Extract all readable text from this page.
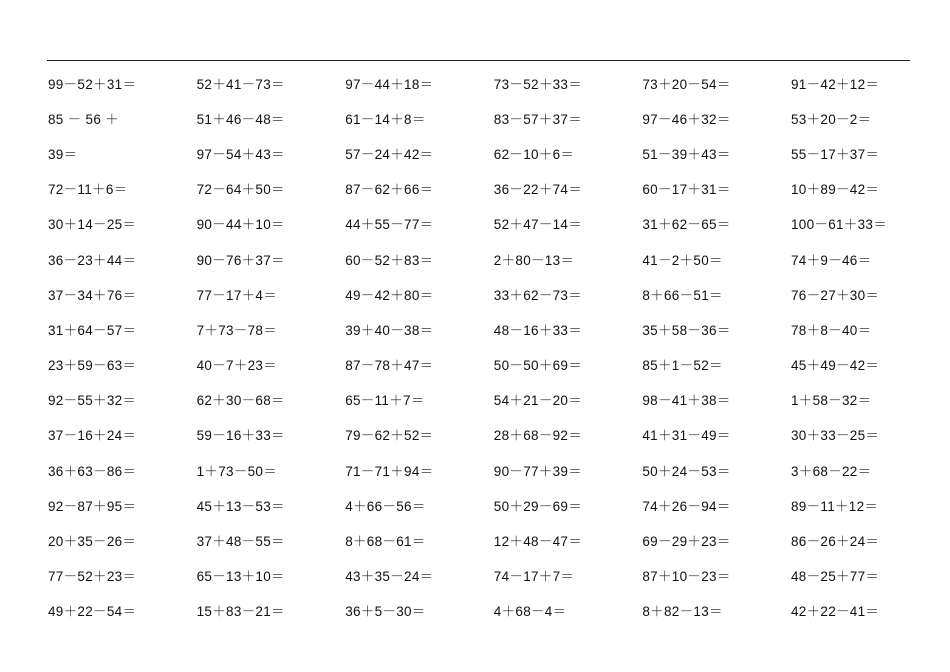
99－52＋31＝	52＋41－73＝	97－44＋18＝	73－52＋33＝	73＋20－54＝	91－42＋12＝
85 － 56 ＋	51＋46－48＝	61－14＋8＝	83－57＋37＝	97－46＋32＝	53＋20－2＝
39＝	97－54＋43＝	57－24＋42＝	62－10＋6＝	51－39＋43＝	55－17＋37＝
72－11＋6＝	72－64＋50＝	87－62＋66＝	36－22＋74＝	60－17＋31＝	10＋89－42＝
30＋14－25＝	90－44＋10＝	44＋55－77＝	52＋47－14＝	31＋62－65＝	100－61＋33＝
36－23＋44＝	90－76＋37＝	60－52＋83＝	2＋80－13＝	41－2＋50＝	74＋9－46＝
37－34＋76＝	77－17＋4＝	49－42＋80＝	33＋62－73＝	8＋66－51＝	76－27＋30＝
31＋64－57＝	7＋73－78＝	39＋40－38＝	48－16＋33＝	35＋58－36＝	78＋8－40＝
23＋59－63＝	40－7＋23＝	87－78＋47＝	50－50＋69＝	85＋1－52＝	45＋49－42＝
92－55＋32＝	62＋30－68＝	65－11＋7＝	54＋21－20＝	98－41＋38＝	1＋58－32＝
37－16＋24＝	59－16＋33＝	79－62＋52＝	28＋68－92＝	41＋31－49＝	30＋33－25＝
36＋63－86＝	1＋73－50＝	71－71＋94＝	90－77＋39＝	50＋24－53＝	3＋68－22＝
92－87＋95＝	45＋13－53＝	4＋66－56＝	50＋29－69＝	74＋26－94＝	89－11＋12＝
20＋35－26＝	37＋48－55＝	8＋68－61＝	12＋48－47＝	69－29＋23＝	86－26＋24＝
77－52＋23＝	65－13＋10＝	43＋35－24＝	74－17＋7＝	87＋10－23＝	48－25＋77＝
49＋22－54＝	15＋83－21＝	36＋5－30＝	4＋68－4＝	8＋82－13＝	42＋22－41＝
